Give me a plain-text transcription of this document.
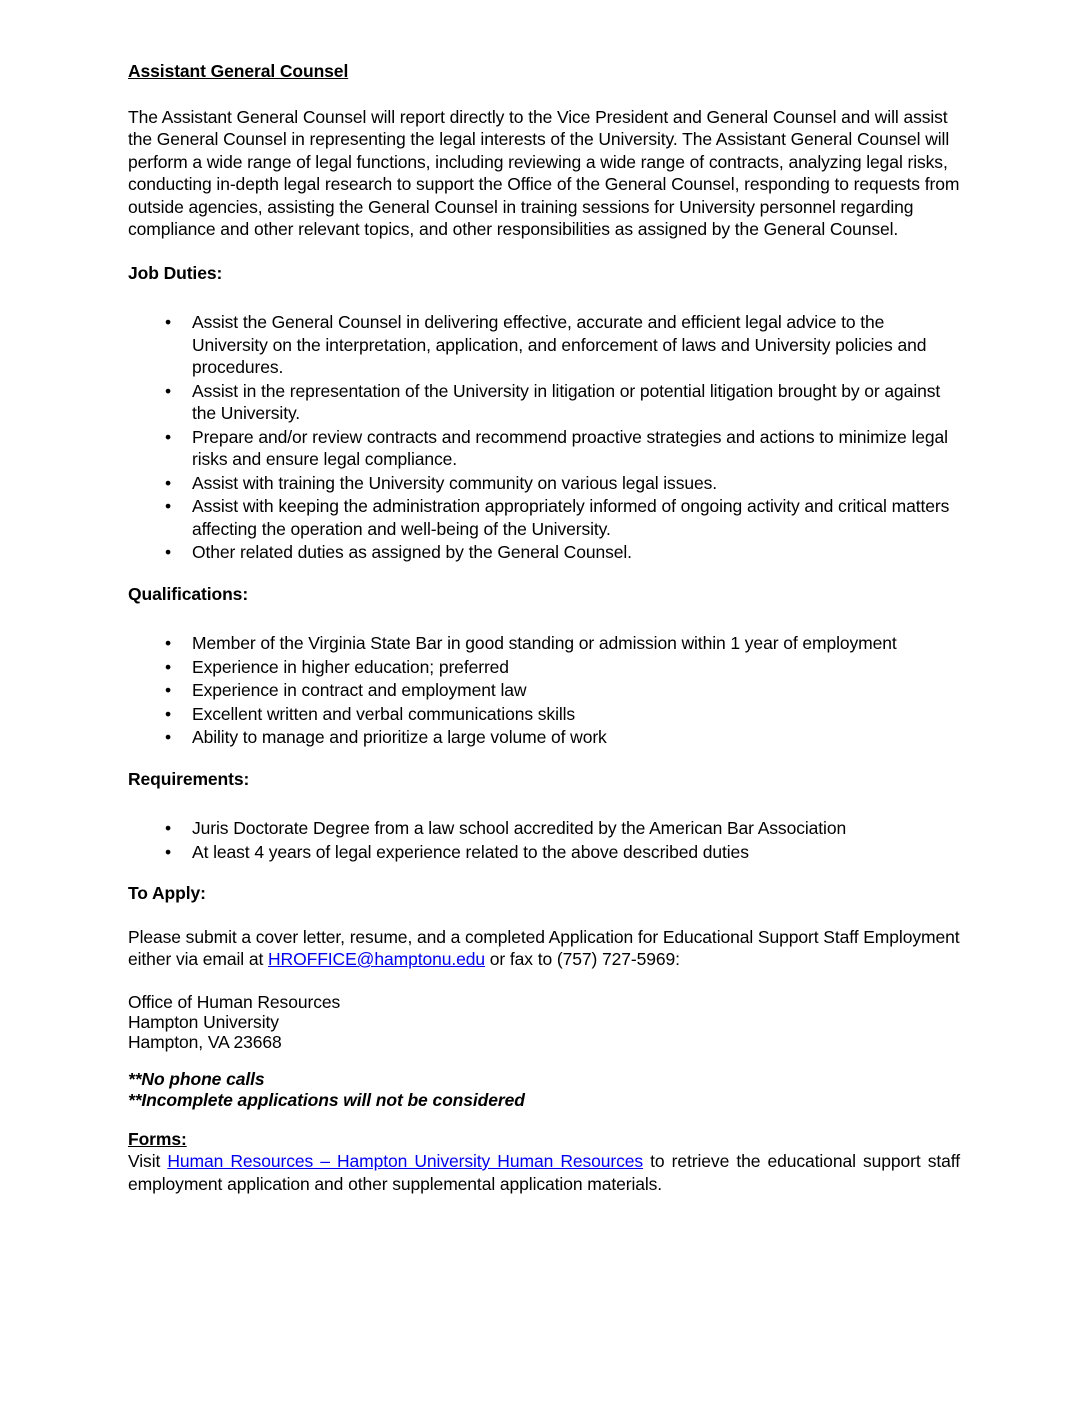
Assistant General Counsel

The Assistant General Counsel will report directly to the Vice President and General Counsel and will assist the General Counsel in representing the legal interests of the University. The Assistant General Counsel will perform a wide range of legal functions, including reviewing a wide range of contracts, analyzing legal risks, conducting in-depth legal research to support the Office of the General Counsel, responding to requests from outside agencies, assisting the General Counsel in training sessions for University personnel regarding compliance and other relevant topics, and other responsibilities as assigned by the General Counsel.

Job Duties:
• Assist the General Counsel in delivering effective, accurate and efficient legal advice to the University on the interpretation, application, and enforcement of laws and University policies and procedures.
• Assist in the representation of the University in litigation or potential litigation brought by or against the University.
• Prepare and/or review contracts and recommend proactive strategies and actions to minimize legal risks and ensure legal compliance.
• Assist with training the University community on various legal issues.
• Assist with keeping the administration appropriately informed of ongoing activity and critical matters affecting the operation and well-being of the University.
• Other related duties as assigned by the General Counsel.
Qualifications:
• Member of the Virginia State Bar in good standing or admission within 1 year of employment
• Experience in higher education; preferred
• Experience in contract and employment law
• Excellent written and verbal communications skills
• Ability to manage and prioritize a large volume of work
Requirements:
• Juris Doctorate Degree from a law school accredited by the American Bar Association
• At least 4 years of legal experience related to the above described duties
To Apply:

Please submit a cover letter, resume, and a completed Application for Educational Support Staff Employment either via email at HROFFICE@hamptonu.edu or fax to (757) 727-5969:

Office of Human Resources
Hampton University
Hampton, VA 23668
**No phone calls
**Incomplete applications will not be considered
Forms:

Visit Human Resources – Hampton University Human Resources to retrieve the educational support staff employment application and other supplemental application materials.
